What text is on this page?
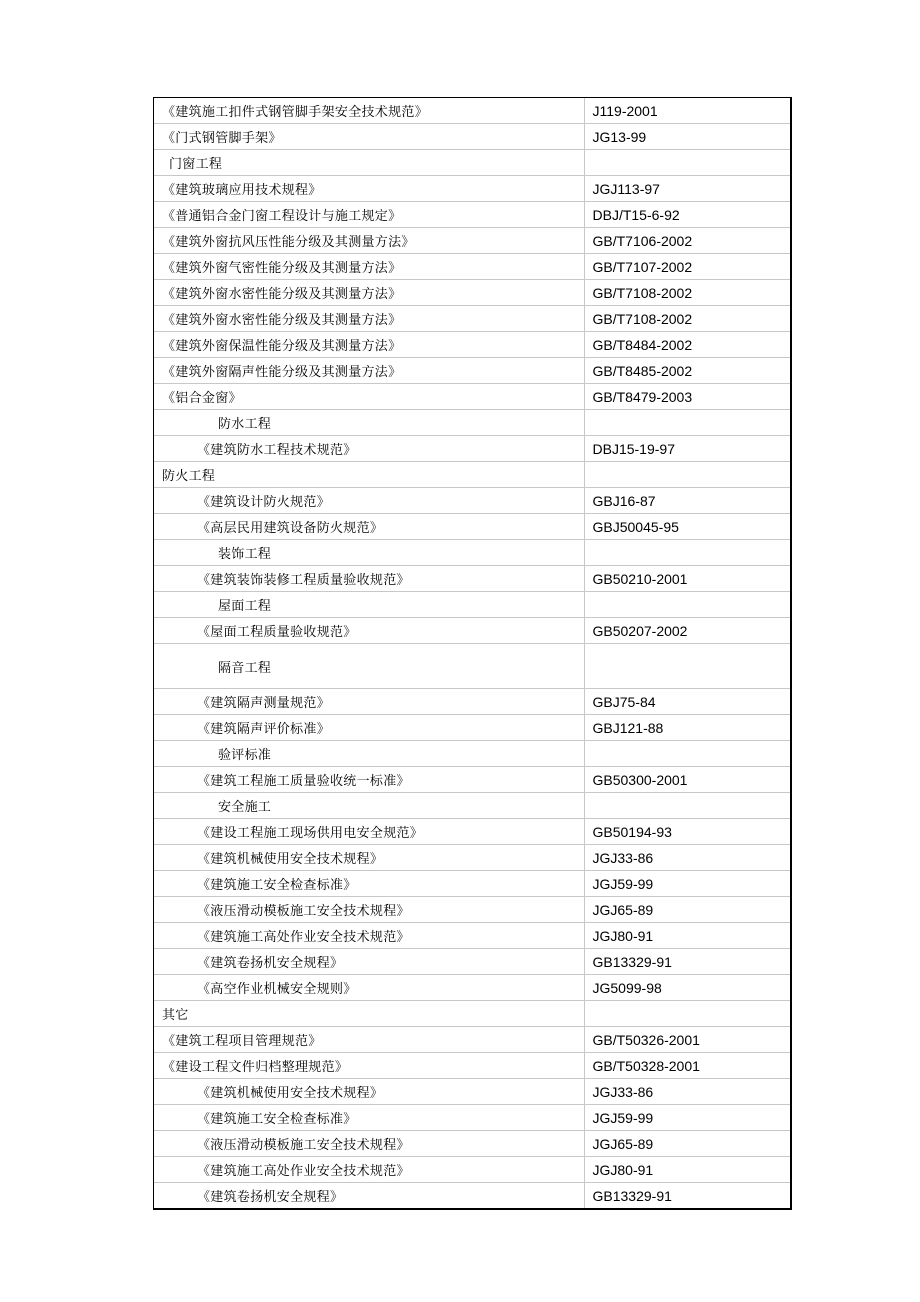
《建筑施工扣件式钢管脚手架安全技术规范》	J119-2001
《门式钢管脚手架》	JG13-99
门窗工程	
《建筑玻璃应用技术规程》	JGJ113-97
《普通铝合金门窗工程设计与施工规定》	DBJ/T15-6-92
《建筑外窗抗风压性能分级及其测量方法》	GB/T7106-2002
《建筑外窗气密性能分级及其测量方法》	GB/T7107-2002
《建筑外窗水密性能分级及其测量方法》	GB/T7108-2002
《建筑外窗水密性能分级及其测量方法》	GB/T7108-2002
《建筑外窗保温性能分级及其测量方法》	GB/T8484-2002
《建筑外窗隔声性能分级及其测量方法》	GB/T8485-2002
《铝合金窗》	GB/T8479-2003
防水工程	
《建筑防水工程技术规范》	DBJ15-19-97
防火工程	
《建筑设计防火规范》	GBJ16-87
《高层民用建筑设备防火规范》	GBJ50045-95
装饰工程	
《建筑装饰装修工程质量验收规范》	GB50210-2001
屋面工程	
《屋面工程质量验收规范》	GB50207-2002
隔音工程	
《建筑隔声测量规范》	GBJ75-84
《建筑隔声评价标准》	GBJ121-88
验评标准	
《建筑工程施工质量验收统一标准》	GB50300-2001
安全施工	
《建设工程施工现场供用电安全规范》	GB50194-93
《建筑机械使用安全技术规程》	JGJ33-86
《建筑施工安全检查标准》	JGJ59-99
《液压滑动模板施工安全技术规程》	JGJ65-89
《建筑施工高处作业安全技术规范》	JGJ80-91
《建筑卷扬机安全规程》	GB13329-91
《高空作业机械安全规则》	JG5099-98
其它	
《建筑工程项目管理规范》	GB/T50326-2001
《建设工程文件归档整理规范》	GB/T50328-2001
《建筑机械使用安全技术规程》	JGJ33-86
《建筑施工安全检查标准》	JGJ59-99
《液压滑动模板施工安全技术规程》	JGJ65-89
《建筑施工高处作业安全技术规范》	JGJ80-91
《建筑卷扬机安全规程》	GB13329-91
